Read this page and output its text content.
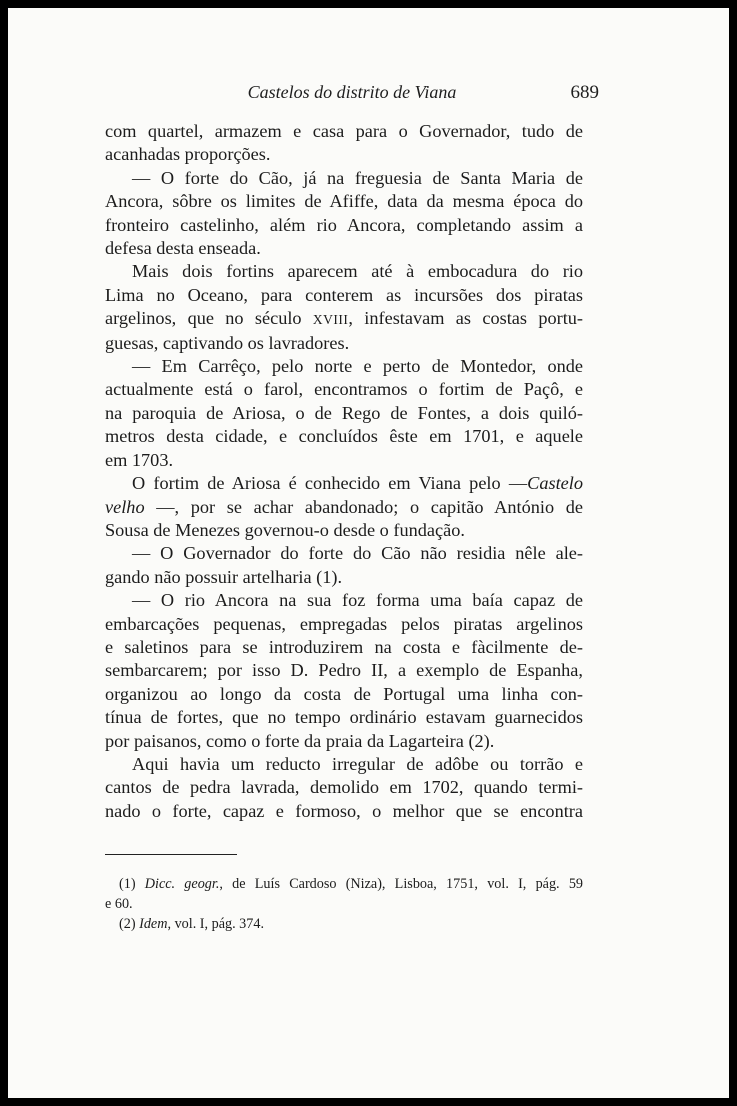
Castelos do distrito de Viana	689
com quartel, armazem e casa para o Governador, tudo de
acanhadas proporções.
— O forte do Cão, já na freguesia de Santa Maria de
Ancora, sôbre os limites de Afiffe, data da mesma época do
fronteiro castelinho, além rio Ancora, completando assim a
defesa desta enseada.
Mais dois fortins aparecem até à embocadura do rio
Lima no Oceano, para conterem as incursões dos piratas
argelinos, que no século XVIII, infestavam as costas portu-
guesas, captivando os lavradores.
— Em Carrêço, pelo norte e perto de Montedor, onde
actualmente está o farol, encontramos o fortim de Paçô, e
na paroquia de Ariosa, o de Rego de Fontes, a dois quiló-
metros desta cidade, e concluídos êste em 1701, e aquele
em 1703.
O fortim de Ariosa é conhecido em Viana pelo —Castelo
velho —, por se achar abandonado; o capitão António de
Sousa de Menezes governou-o desde o fundação.
— O Governador do forte do Cão não residia nêle ale-
gando não possuir artelharia (1).
— O rio Ancora na sua foz forma uma baía capaz de
embarcações pequenas, empregadas pelos piratas argelinos
e saletinos para se introduzirem na costa e fàcilmente de-
sembarcarem; por isso D. Pedro II, a exemplo de Espanha,
organizou ao longo da costa de Portugal uma linha con-
tínua de fortes, que no tempo ordinário estavam guarnecidos
por paisanos, como o forte da praia da Lagarteira (2).
Aqui havia um reducto irregular de adôbe ou torrão e
cantos de pedra lavrada, demolido em 1702, quando termi-
nado o forte, capaz e formoso, o melhor que se encontra
(1) Dicc. geogr., de Luís Cardoso (Niza), Lisboa, 1751, vol. I, pág. 59
e 60.
(2) Idem, vol. I, pág. 374.
